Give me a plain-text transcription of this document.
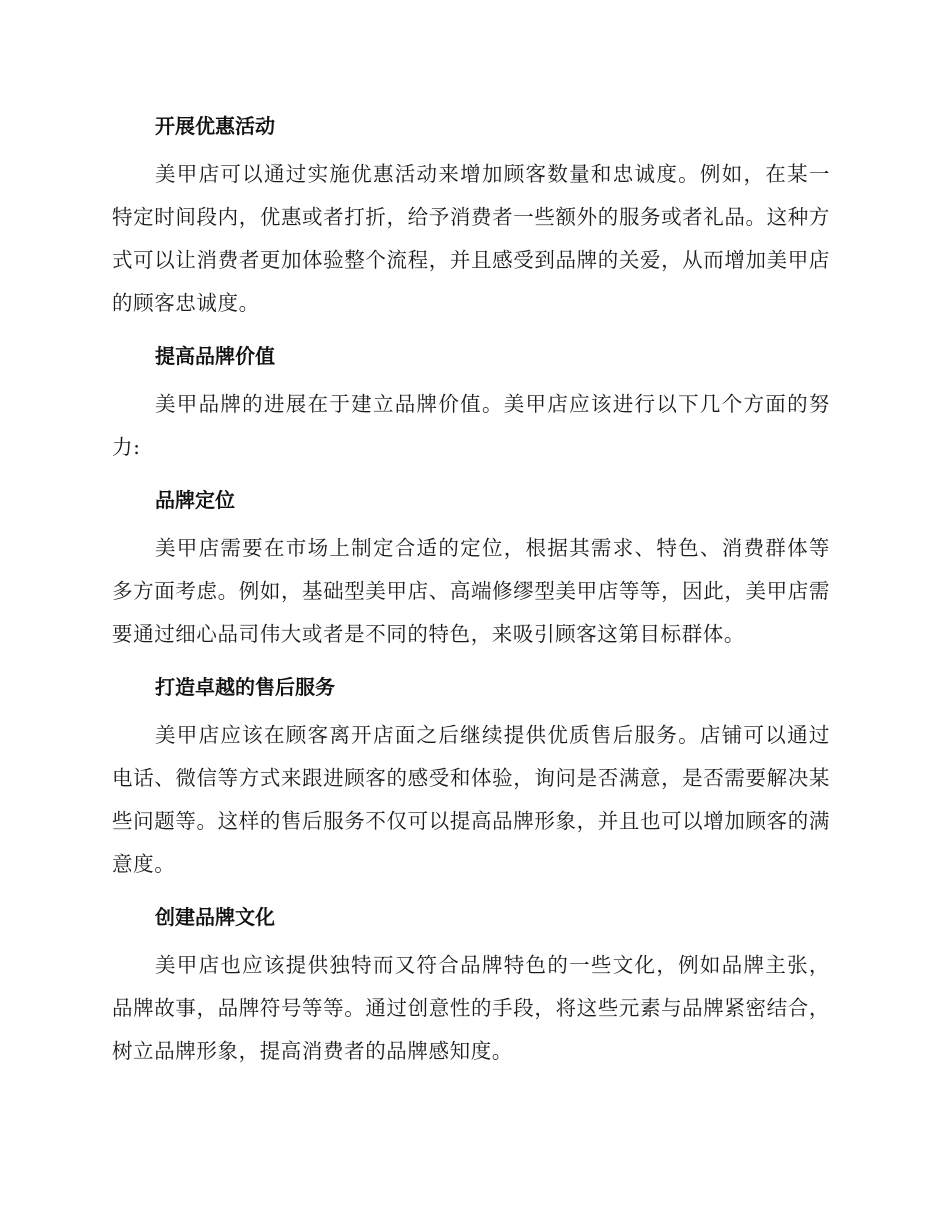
开展优惠活动

美甲店可以通过实施优惠活动来增加顾客数量和忠诚度。例如，在某一特定时间段内，优惠或者打折，给予消费者一些额外的服务或者礼品。这种方式可以让消费者更加体验整个流程，并且感受到品牌的关爱，从而增加美甲店的顾客忠诚度。

提高品牌价值

美甲品牌的进展在于建立品牌价值。美甲店应该进行以下几个方面的努力:

品牌定位

美甲店需要在市场上制定合适的定位，根据其需求、特色、消费群体等多方面考虑。例如，基础型美甲店、高端修缪型美甲店等等，因此，美甲店需要通过细心品司伟大或者是不同的特色，来吸引顾客这第目标群体。

打造卓越的售后服务

美甲店应该在顾客离开店面之后继续提供优质售后服务。店铺可以通过电话、微信等方式来跟进顾客的感受和体验，询问是否满意，是否需要解决某些问题等。这样的售后服务不仅可以提高品牌形象，并且也可以增加顾客的满意度。

创建品牌文化

美甲店也应该提供独特而又符合品牌特色的一些文化，例如品牌主张，品牌故事，品牌符号等等。通过创意性的手段，将这些元素与品牌紧密结合，树立品牌形象，提高消费者的品牌感知度。
